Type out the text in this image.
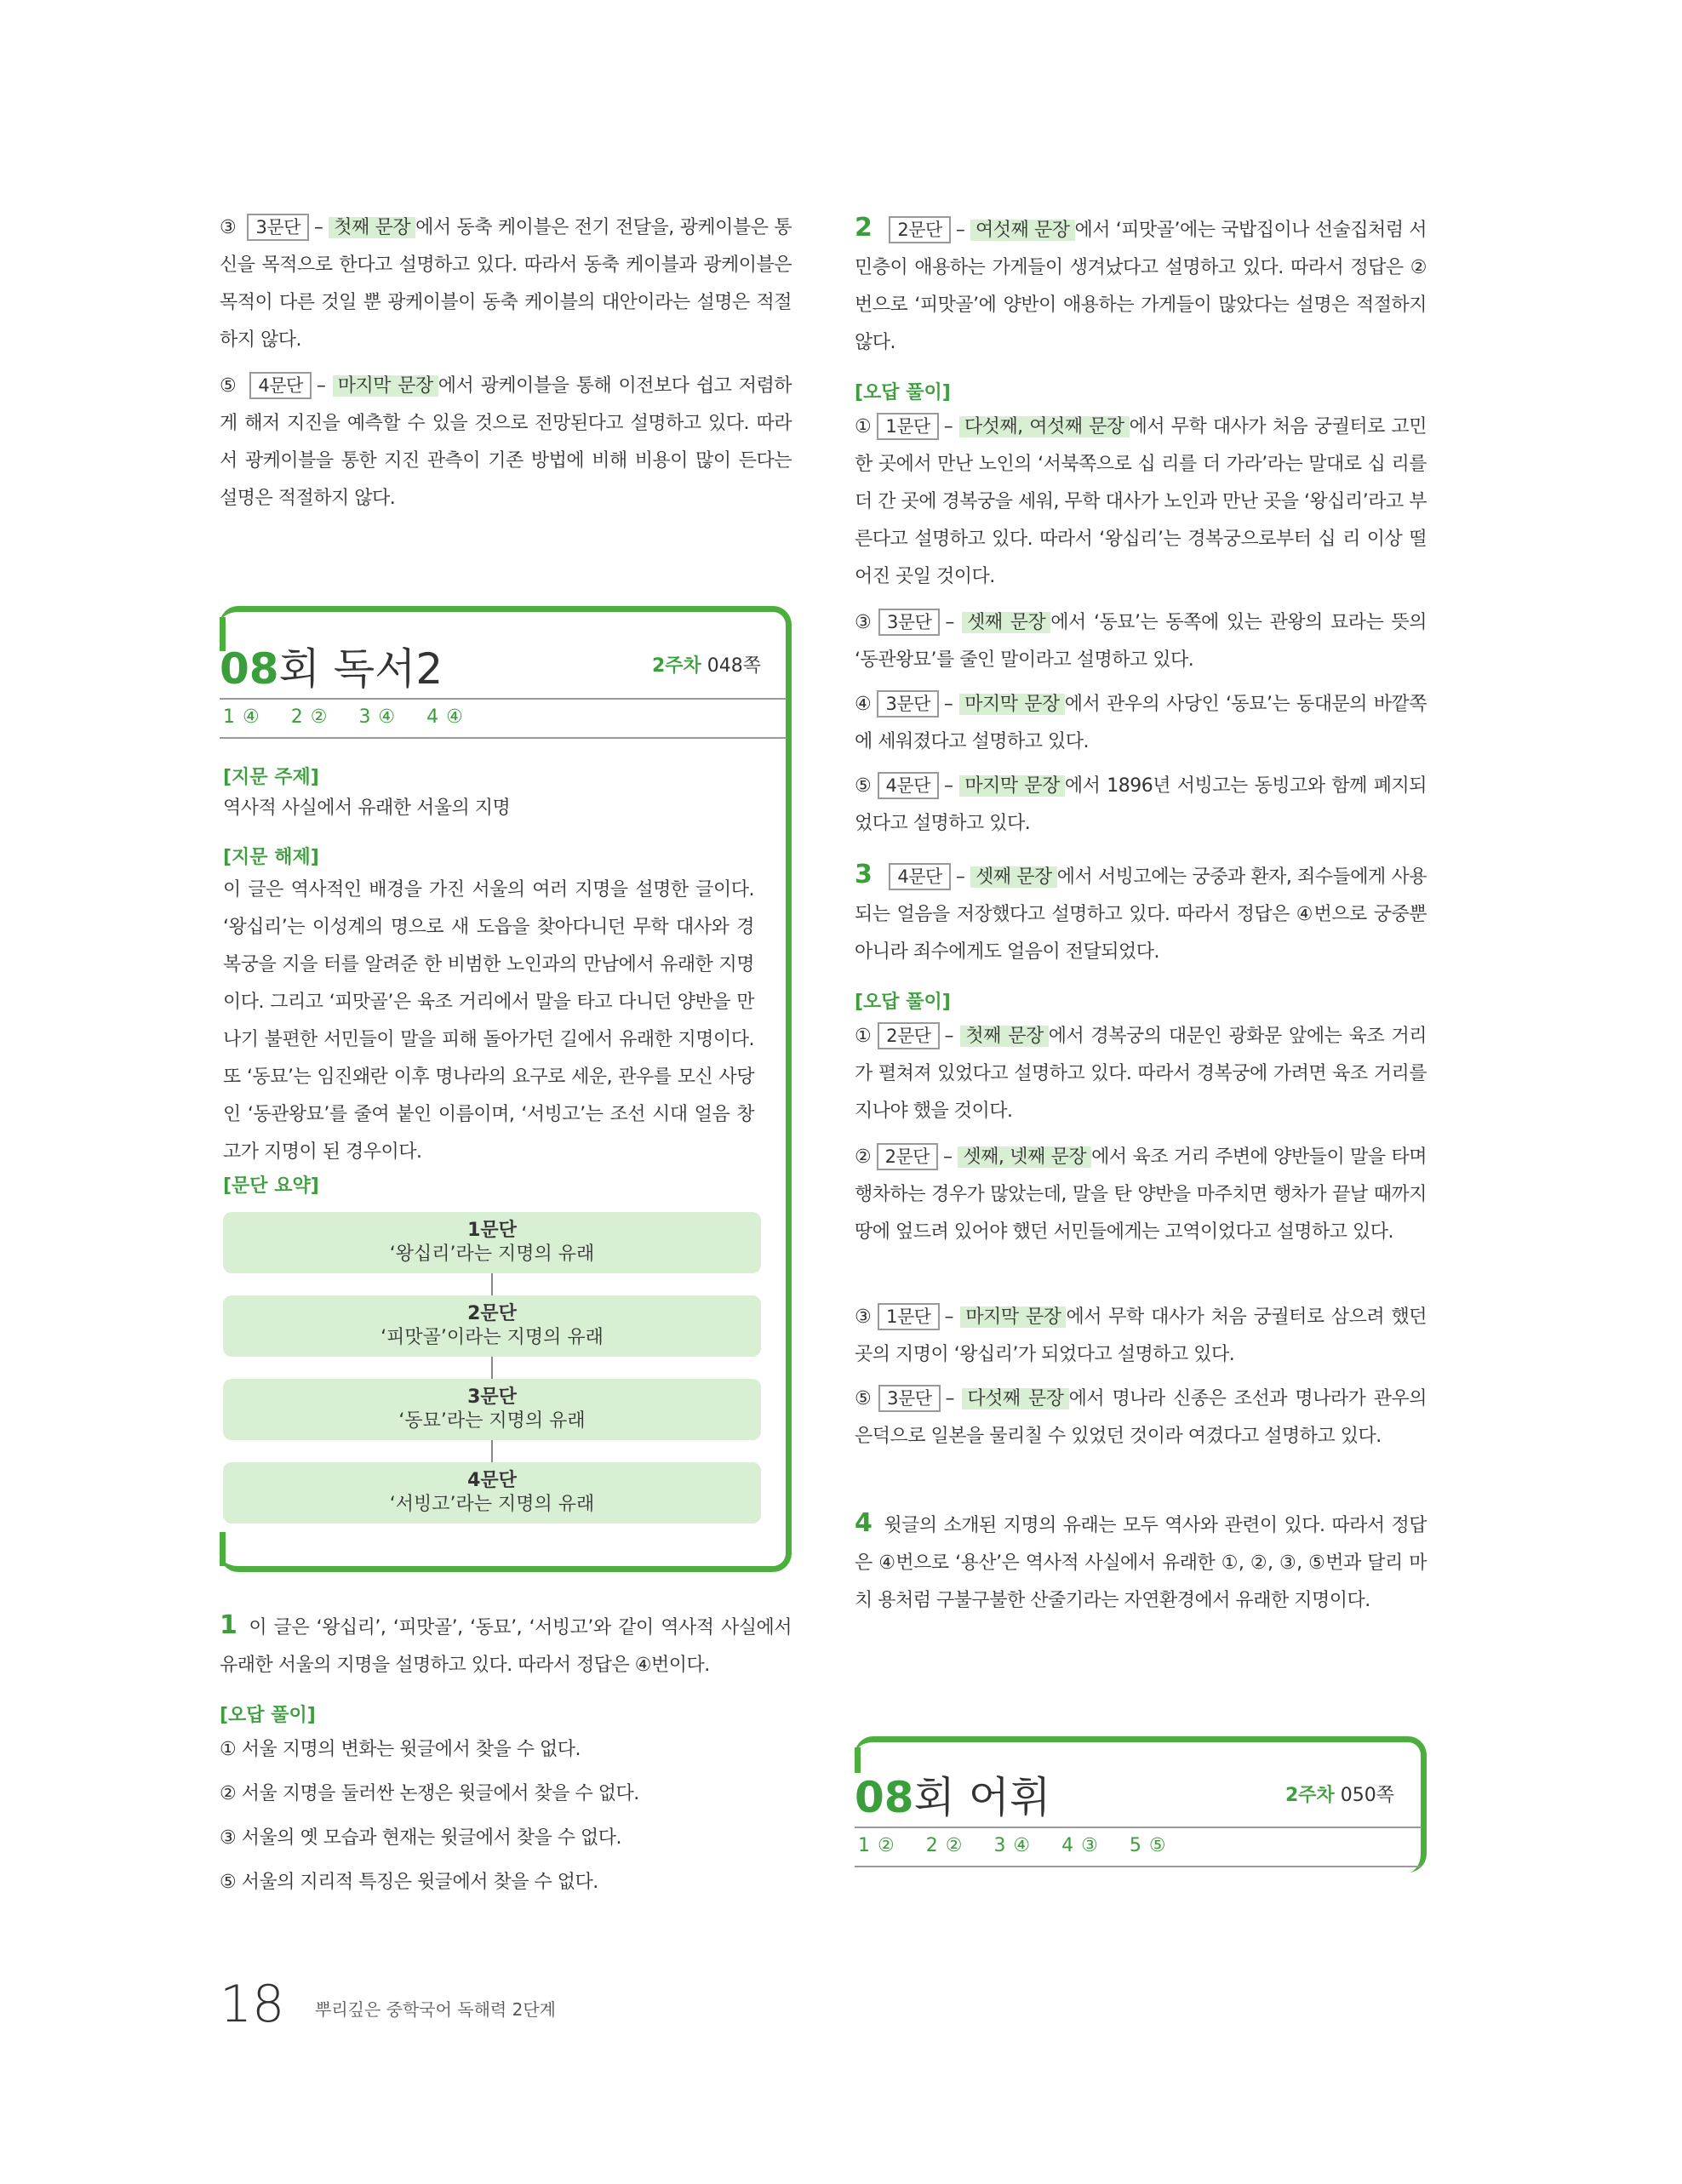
③ 3문단 – 첫째 문장 에서 동축 케이블은 전기 전달을, 광케이블은 통신을 목적으로 한다고 설명하고 있다. 따라서 동축 케이블과 광케이블은 목적이 다른 것일 뿐 광케이블이 동축 케이블의 대안이라는 설명은 적절하지 않다.
⑤ 4문단 – 마지막 문장 에서 광케이블을 통해 이전보다 쉽고 저렴하게 해저 지진을 예측할 수 있을 것으로 전망된다고 설명하고 있다. 따라서 광케이블을 통한 지진 관측이 기존 방법에 비해 비용이 많이 든다는 설명은 적절하지 않다.
08회 독서2	2주차 048쪽
1 ④ 2 ② 3 ④ 4 ④
[지문 주제]
역사적 사실에서 유래한 서울의 지명
[지문 해제]
이 글은 역사적인 배경을 가진 서울의 여러 지명을 설명한 글이다. ‘왕십리’는 이성계의 명으로 새 도읍을 찾아다니던 무학 대사와 경복궁을 지을 터를 알려준 한 비범한 노인과의 만남에서 유래한 지명이다. 그리고 ‘피맛골’은 육조 거리에서 말을 타고 다니던 양반을 만나기 불편한 서민들이 말을 피해 돌아가던 길에서 유래한 지명이다. 또 ‘동묘’는 임진왜란 이후 명나라의 요구로 세운, 관우를 모신 사당인 ‘동관왕묘’를 줄여 붙인 이름이며, ‘서빙고’는 조선 시대 얼음 창고가 지명이 된 경우이다.
[문단 요약]
1문단
‘왕십리’라는 지명의 유래
2문단
‘피맛골’이라는 지명의 유래
3문단
‘동묘’라는 지명의 유래
4문단
‘서빙고’라는 지명의 유래
1 이 글은 ‘왕십리’, ‘피맛골’, ‘동묘’, ‘서빙고’와 같이 역사적 사실에서 유래한 서울의 지명을 설명하고 있다. 따라서 정답은 ④번이다.
[오답 풀이]
① 서울 지명의 변화는 윗글에서 찾을 수 없다.
② 서울 지명을 둘러싼 논쟁은 윗글에서 찾을 수 없다.
③ 서울의 옛 모습과 현재는 윗글에서 찾을 수 없다.
⑤ 서울의 지리적 특징은 윗글에서 찾을 수 없다.
2 2문단 – 여섯째 문장 에서 ‘피맛골’에는 국밥집이나 선술집처럼 서민층이 애용하는 가게들이 생겨났다고 설명하고 있다. 따라서 정답은 ②번으로 ‘피맛골’에 양반이 애용하는 가게들이 많았다는 설명은 적절하지 않다.
[오답 풀이]
① 1문단 – 다섯째, 여섯째 문장 에서 무학 대사가 처음 궁궐터로 고민한 곳에서 만난 노인의 ‘서북쪽으로 십 리를 더 가라’라는 말대로 십 리를 더 간 곳에 경복궁을 세워, 무학 대사가 노인과 만난 곳을 ‘왕십리’라고 부른다고 설명하고 있다. 따라서 ‘왕십리’는 경복궁으로부터 십 리 이상 떨어진 곳일 것이다.
③ 3문단 – 셋째 문장 에서 ‘동묘’는 동쪽에 있는 관왕의 묘라는 뜻의 ‘동관왕묘’를 줄인 말이라고 설명하고 있다.
④ 3문단 – 마지막 문장 에서 관우의 사당인 ‘동묘’는 동대문의 바깥쪽에 세워졌다고 설명하고 있다.
⑤ 4문단 – 마지막 문장 에서 1896년 서빙고는 동빙고와 함께 폐지되었다고 설명하고 있다.
3 4문단 – 셋째 문장 에서 서빙고에는 궁중과 환자, 죄수들에게 사용되는 얼음을 저장했다고 설명하고 있다. 따라서 정답은 ④번으로 궁중뿐 아니라 죄수에게도 얼음이 전달되었다.
[오답 풀이]
① 2문단 – 첫째 문장 에서 경복궁의 대문인 광화문 앞에는 육조 거리가 펼쳐져 있었다고 설명하고 있다. 따라서 경복궁에 가려면 육조 거리를 지나야 했을 것이다.
② 2문단 – 셋째, 넷째 문장 에서 육조 거리 주변에 양반들이 말을 타며 행차하는 경우가 많았는데, 말을 탄 양반을 마주치면 행차가 끝날 때까지 땅에 엎드려 있어야 했던 서민들에게는 고역이었다고 설명하고 있다.
③ 1문단 – 마지막 문장 에서 무학 대사가 처음 궁궐터로 삼으려 했던 곳의 지명이 ‘왕십리’가 되었다고 설명하고 있다.
⑤ 3문단 – 다섯째 문장 에서 명나라 신종은 조선과 명나라가 관우의 은덕으로 일본을 물리칠 수 있었던 것이라 여겼다고 설명하고 있다.
4 윗글의 소개된 지명의 유래는 모두 역사와 관련이 있다. 따라서 정답은 ④번으로 ‘용산’은 역사적 사실에서 유래한 ①, ②, ③, ⑤번과 달리 마치 용처럼 구불구불한 산줄기라는 자연환경에서 유래한 지명이다.
08회 어휘	2주차 050쪽
1 ② 2 ② 3 ④ 4 ③ 5 ⑤
18 뿌리깊은 중학국어 독해력 2단계
